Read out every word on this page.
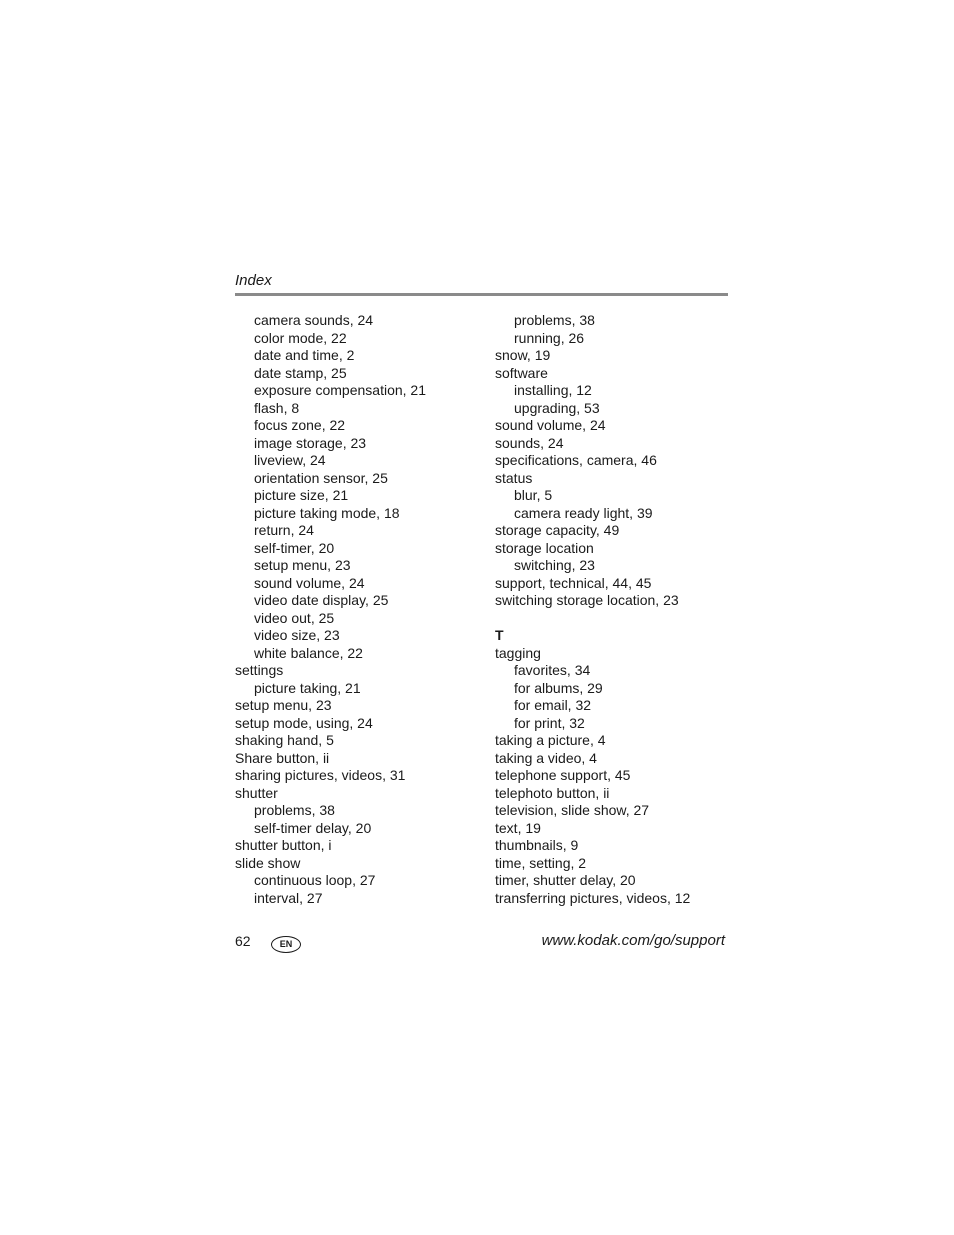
Index
camera sounds, 24
color mode, 22
date and time, 2
date stamp, 25
exposure compensation, 21
flash, 8
focus zone, 22
image storage, 23
liveview, 24
orientation sensor, 25
picture size, 21
picture taking mode, 18
return, 24
self-timer, 20
setup menu, 23
sound volume, 24
video date display, 25
video out, 25
video size, 23
white balance, 22
settings
picture taking, 21
setup menu, 23
setup mode, using, 24
shaking hand, 5
Share button, ii
sharing pictures, videos, 31
shutter
problems, 38
self-timer delay, 20
shutter button, i
slide show
continuous loop, 27
interval, 27
problems, 38
running, 26
snow, 19
software
installing, 12
upgrading, 53
sound volume, 24
sounds, 24
specifications, camera, 46
status
blur, 5
camera ready light, 39
storage capacity, 49
storage location
switching, 23
support, technical, 44, 45
switching storage location, 23
T
tagging
favorites, 34
for albums, 29
for email, 32
for print, 32
taking a picture, 4
taking a video, 4
telephone support, 45
telephoto button, ii
television, slide show, 27
text, 19
thumbnails, 9
time, setting, 2
timer, shutter delay, 20
transferring pictures, videos, 12
62	EN	www.kodak.com/go/support
